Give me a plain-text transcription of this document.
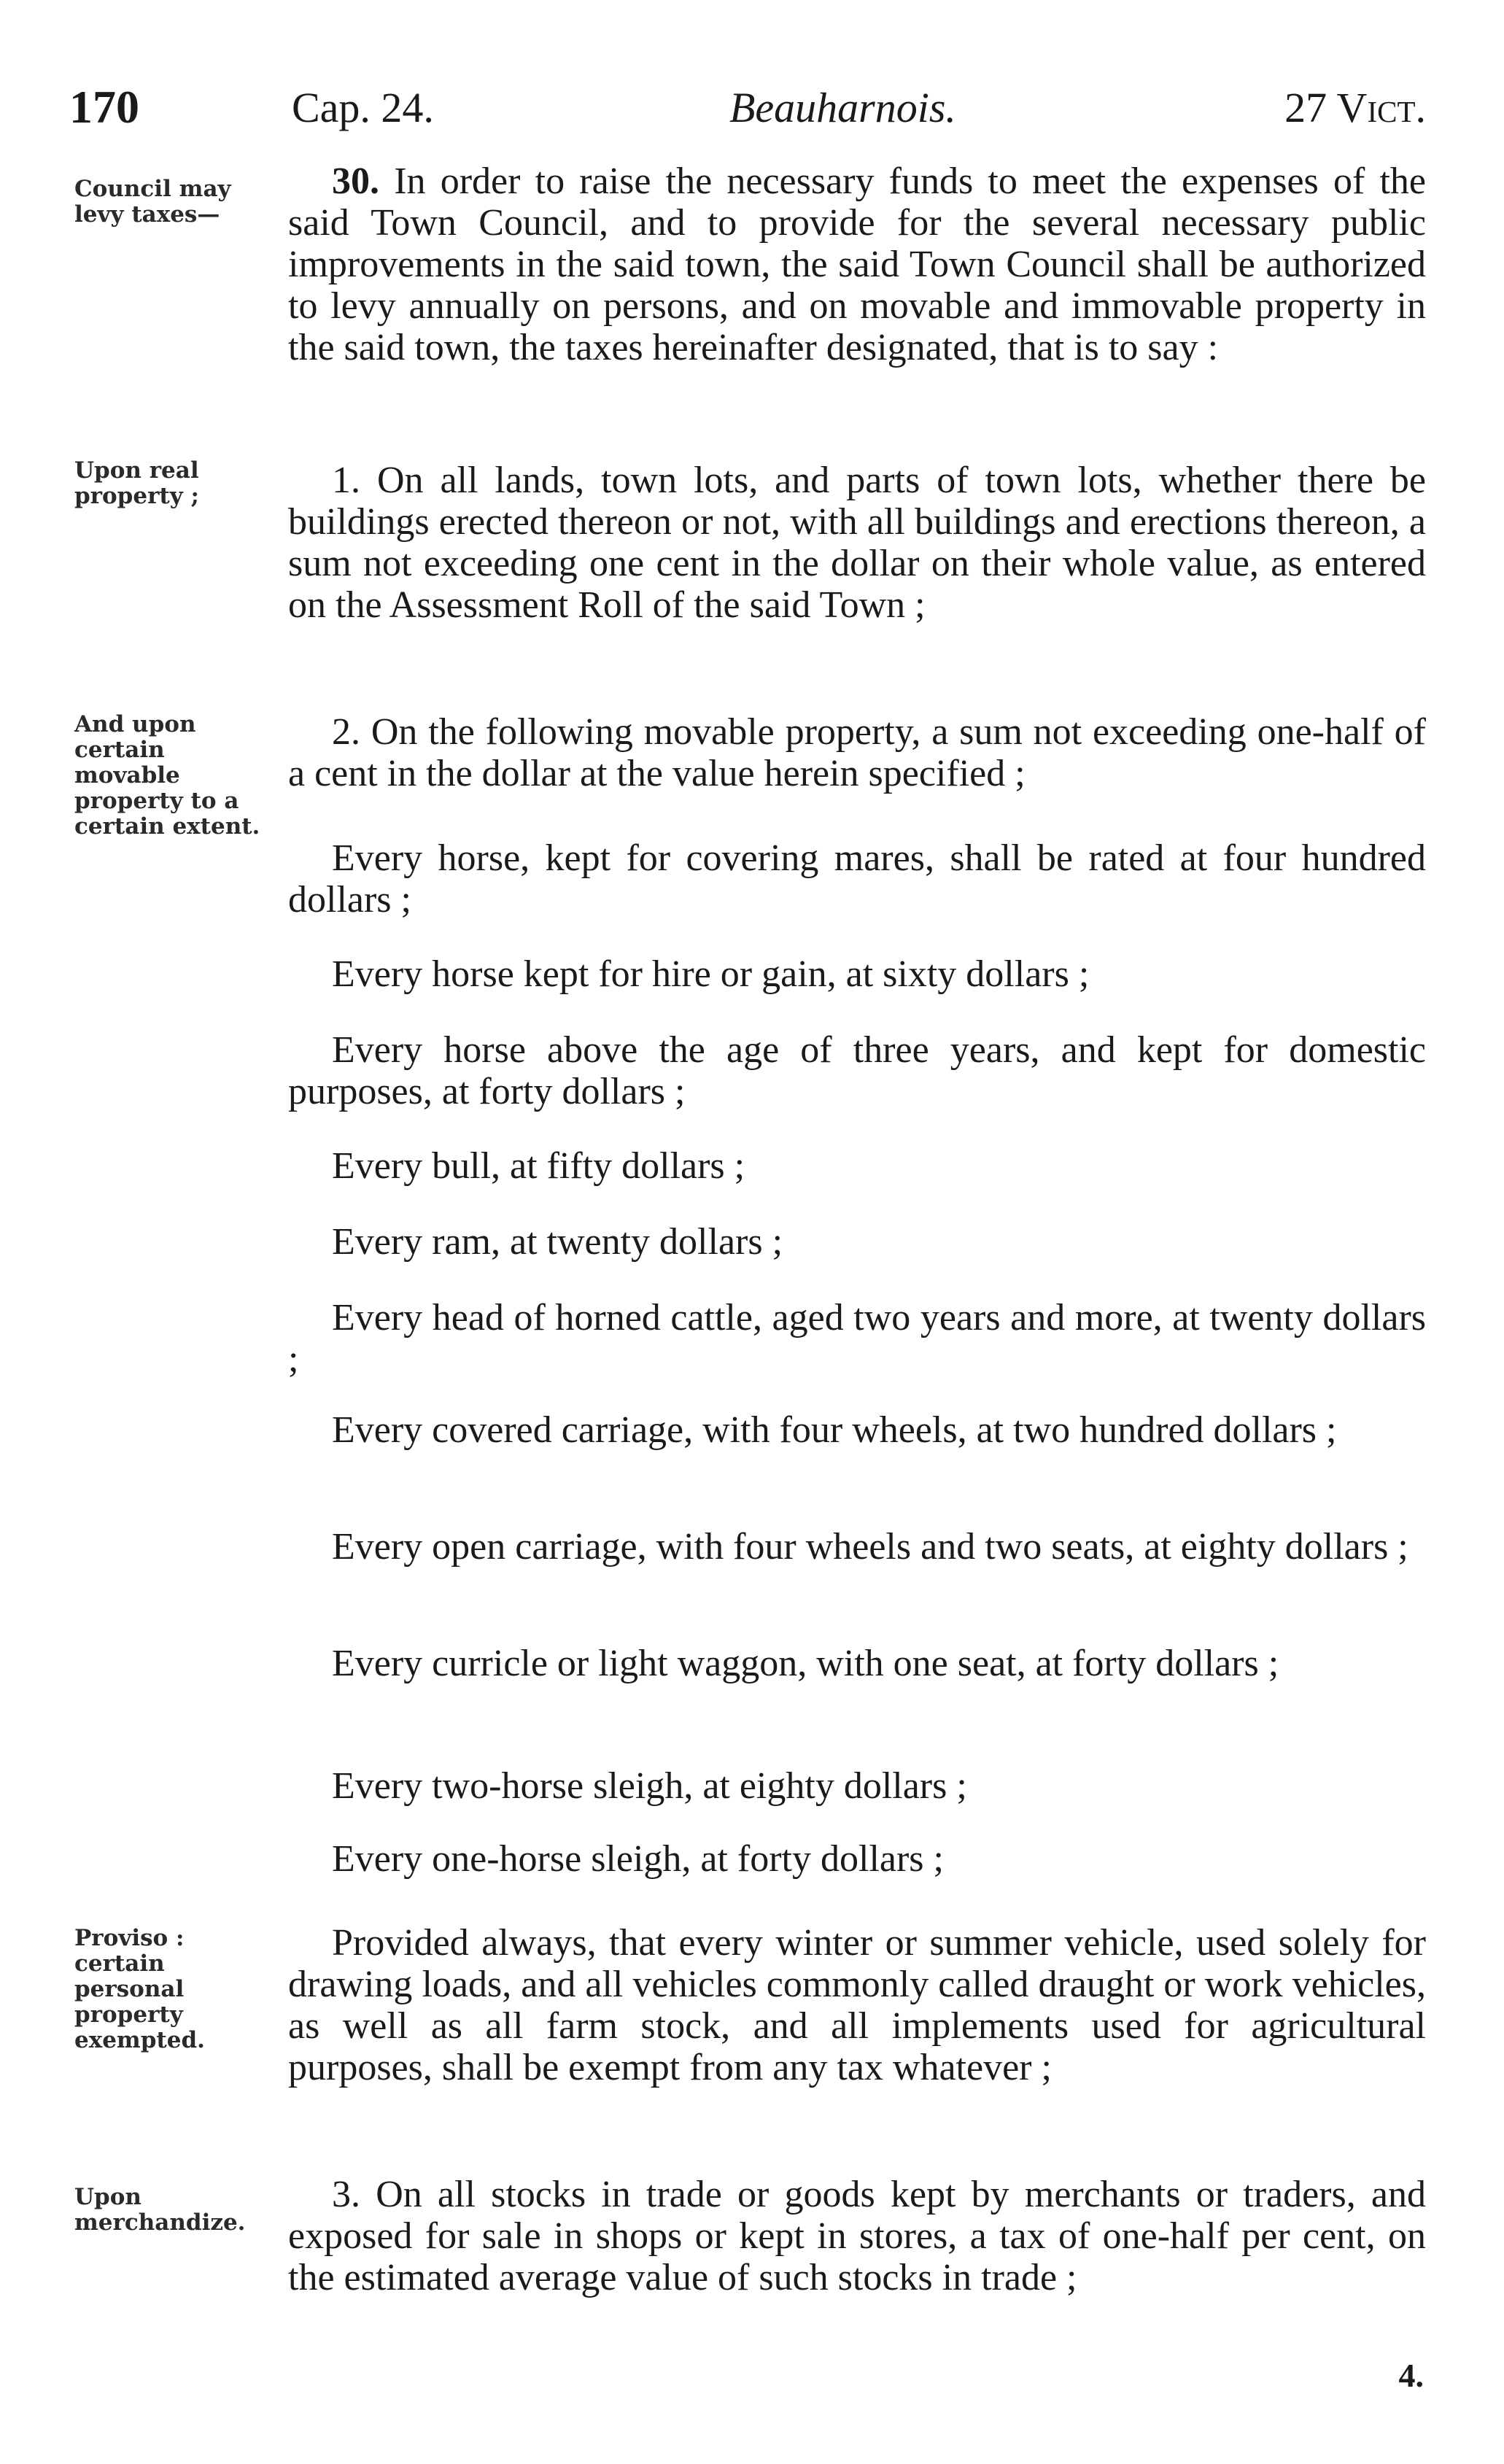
170	Cap. 24.	Beauharnois.	27 Vict.
Council may levy taxes—
Upon real property ;
And upon certain movable property to a certain extent.
Proviso : certain personal property exempted.
Upon merchandize.

30. In order to raise the necessary funds to meet the expenses of the said Town Council, and to provide for the several necessary public improvements in the said town, the said Town Council shall be authorized to levy annually on persons, and on movable and immovable property in the said town, the taxes hereinafter designated, that is to say :

1. On all lands, town lots, and parts of town lots, whether there be buildings erected thereon or not, with all buildings and erections thereon, a sum not exceeding one cent in the dollar on their whole value, as entered on the Assessment Roll of the said Town ;

2. On the following movable property, a sum not exceeding one-half of a cent in the dollar at the value herein specified ;

Every horse, kept for covering mares, shall be rated at four hundred dollars ;

Every horse kept for hire or gain, at sixty dollars ;

Every horse above the age of three years, and kept for domestic purposes, at forty dollars ;

Every bull, at fifty dollars ;

Every ram, at twenty dollars ;

Every head of horned cattle, aged two years and more, at twenty dollars ;

Every covered carriage, with four wheels, at two hundred dollars ;

Every open carriage, with four wheels and two seats, at eighty dollars ;

Every curricle or light waggon, with one seat, at forty dollars ;

Every two-horse sleigh, at eighty dollars ;

Every one-horse sleigh, at forty dollars ;

Provided always, that every winter or summer vehicle, used solely for drawing loads, and all vehicles commonly called draught or work vehicles, as well as all farm stock, and all implements used for agricultural purposes, shall be exempt from any tax whatever ;

3. On all stocks in trade or goods kept by merchants or traders, and exposed for sale in shops or kept in stores, a tax of one-half per cent, on the estimated average value of such stocks in trade ;

4.
